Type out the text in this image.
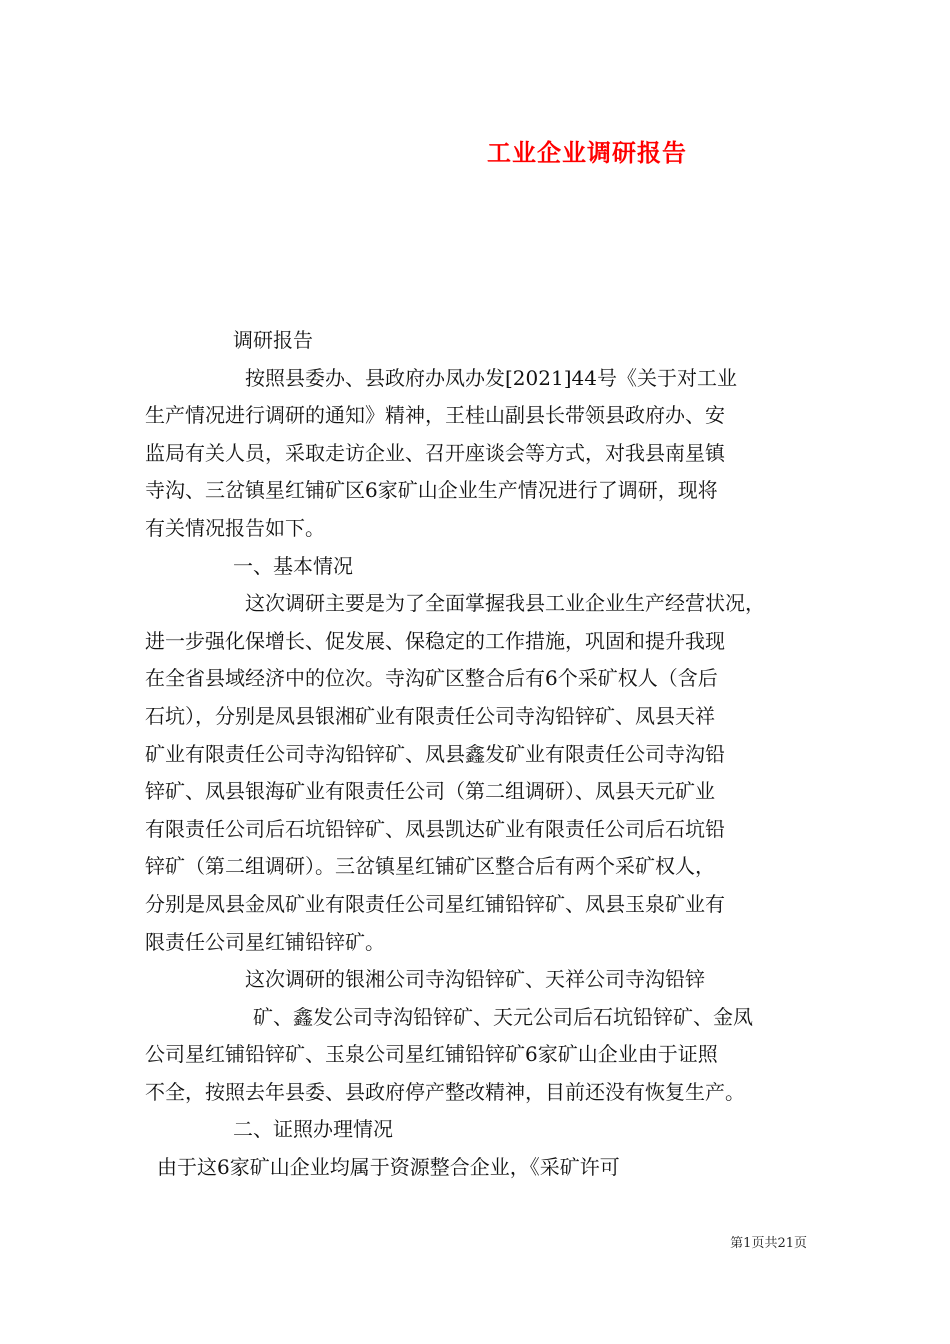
工业企业调研报告
调研报告
按照县委办、县政府办凤办发[2021]44号《关于对工业
生产情况进行调研的通知》精神，王桂山副县长带领县政府办、安
监局有关人员，采取走访企业、召开座谈会等方式，对我县南星镇
寺沟、三岔镇星红铺矿区6家矿山企业生产情况进行了调研，现将
有关情况报告如下。
一、基本情况
这次调研主要是为了全面掌握我县工业企业生产经营状况，
进一步强化保增长、促发展、保稳定的工作措施，巩固和提升我现
在全省县域经济中的位次。寺沟矿区整合后有6个采矿权人（含后
石坑），分别是凤县银湘矿业有限责任公司寺沟铅锌矿、凤县天祥
矿业有限责任公司寺沟铅锌矿、凤县鑫发矿业有限责任公司寺沟铅
锌矿、凤县银海矿业有限责任公司（第二组调研）、凤县天元矿业
有限责任公司后石坑铅锌矿、凤县凯达矿业有限责任公司后石坑铅
锌矿（第二组调研）。三岔镇星红铺矿区整合后有两个采矿权人，
分别是凤县金凤矿业有限责任公司星红铺铅锌矿、凤县玉泉矿业有
限责任公司星红铺铅锌矿。
这次调研的银湘公司寺沟铅锌矿、天祥公司寺沟铅锌
矿、鑫发公司寺沟铅锌矿、天元公司后石坑铅锌矿、金凤
公司星红铺铅锌矿、玉泉公司星红铺铅锌矿6家矿山企业由于证照
不全，按照去年县委、县政府停产整改精神，目前还没有恢复生产。
二、证照办理情况
由于这6家矿山企业均属于资源整合企业，《采矿许可
第1页共21页
